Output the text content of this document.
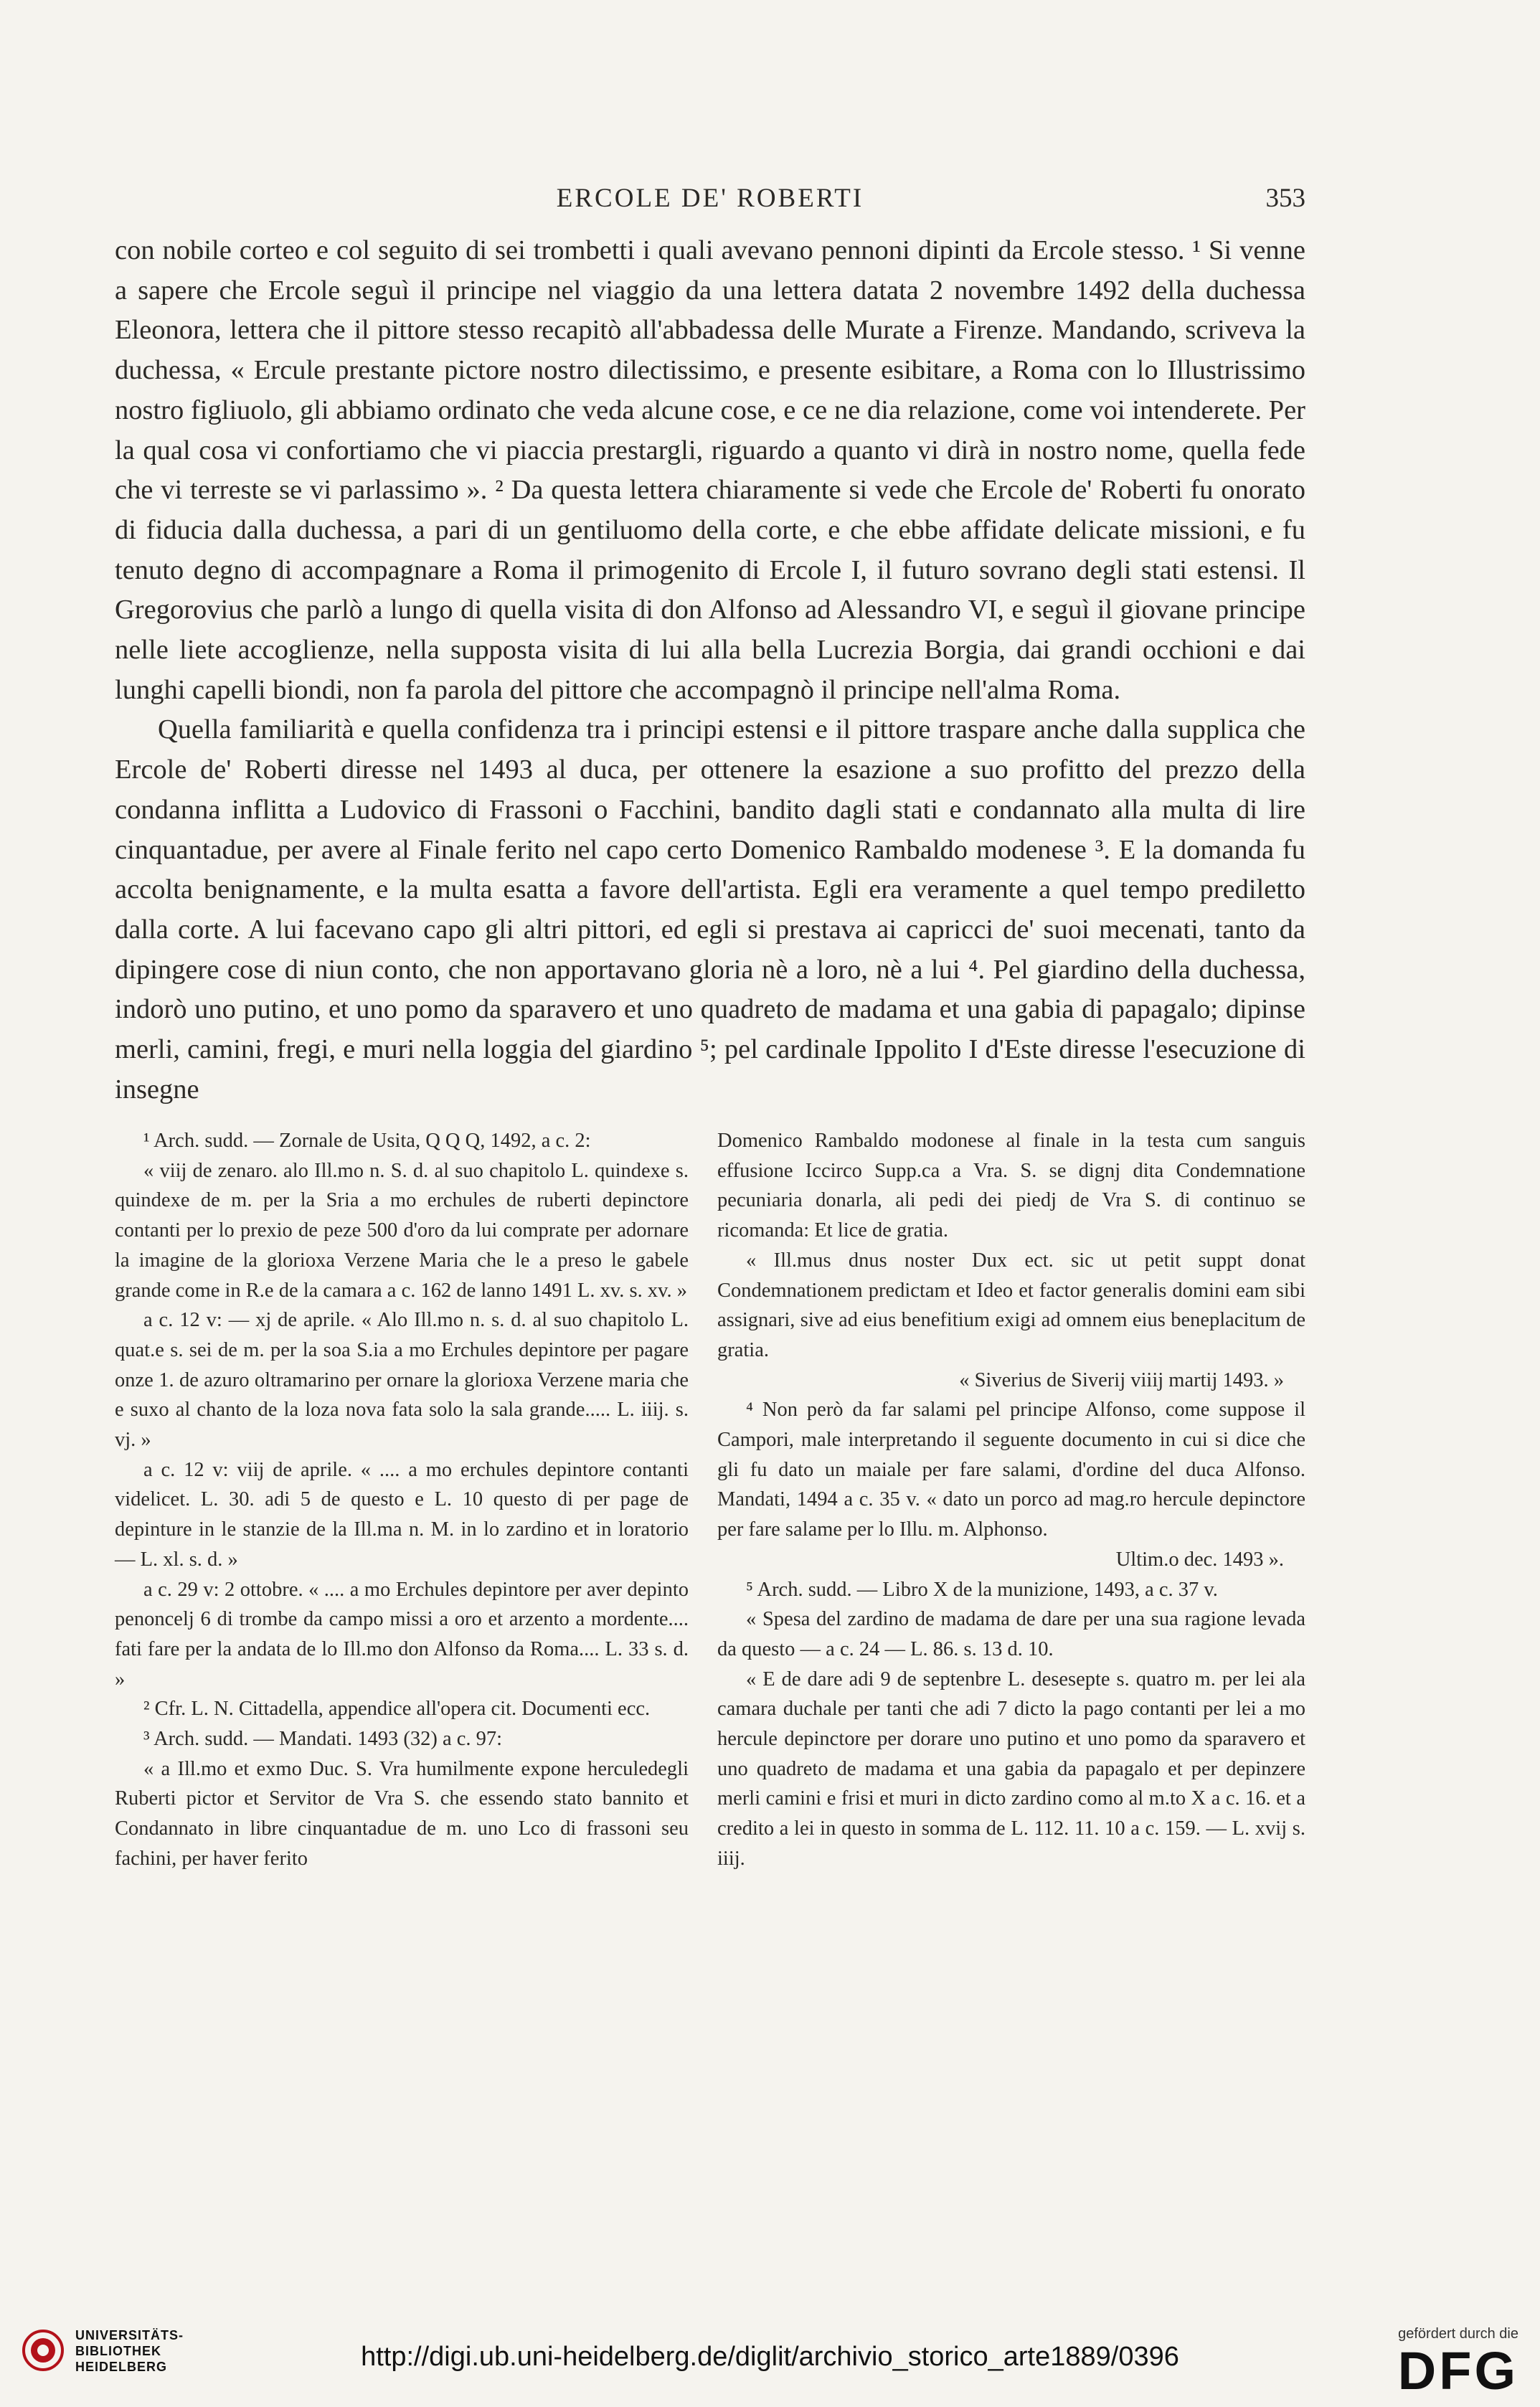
ERCOLE DE' ROBERTI	353

con nobile corteo e col seguito di sei trombetti i quali avevano pennoni dipinti da Ercole stesso. ¹ Si venne a sapere che Ercole seguì il principe nel viaggio da una lettera datata 2 novembre 1492 della duchessa Eleonora, lettera che il pittore stesso recapitò all'abbadessa delle Murate a Firenze. Mandando, scriveva la duchessa, « Ercule prestante pictore nostro dilectissimo, e presente esibitare, a Roma con lo Illustrissimo nostro figliuolo, gli abbiamo ordinato che veda alcune cose, e ce ne dia relazione, come voi intenderete. Per la qual cosa vi confortiamo che vi piaccia prestargli, riguardo a quanto vi dirà in nostro nome, quella fede che vi terreste se vi parlassimo ». ² Da questa lettera chiaramente si vede che Ercole de' Roberti fu onorato di fiducia dalla duchessa, a pari di un gentiluomo della corte, e che ebbe affidate delicate missioni, e fu tenuto degno di accompagnare a Roma il primogenito di Ercole I, il futuro sovrano degli stati estensi. Il Gregorovius che parlò a lungo di quella visita di don Alfonso ad Alessandro VI, e seguì il giovane principe nelle liete accoglienze, nella supposta visita di lui alla bella Lucrezia Borgia, dai grandi occhioni e dai lunghi capelli biondi, non fa parola del pittore che accompagnò il principe nell'alma Roma.

Quella familiarità e quella confidenza tra i principi estensi e il pittore traspare anche dalla supplica che Ercole de' Roberti diresse nel 1493 al duca, per ottenere la esazione a suo profitto del prezzo della condanna inflitta a Ludovico di Frassoni o Facchini, bandito dagli stati e condannato alla multa di lire cinquantadue, per avere al Finale ferito nel capo certo Domenico Rambaldo modenese ³. E la domanda fu accolta benignamente, e la multa esatta a favore dell'artista. Egli era veramente a quel tempo prediletto dalla corte. A lui facevano capo gli altri pittori, ed egli si prestava ai capricci de' suoi mecenati, tanto da dipingere cose di niun conto, che non apportavano gloria nè a loro, nè a lui ⁴. Pel giardino della duchessa, indorò uno putino, et uno pomo da sparavero et uno quadreto de madama et una gabia di papagalo; dipinse merli, camini, fregi, e muri nella loggia del giardino ⁵; pel cardinale Ippolito I d'Este diresse l'esecuzione di insegne

¹ Arch. sudd. — Zornale de Usita, Q Q Q, 1492, a c. 2:

« viij de zenaro. alo Ill.mo n. S. d. al suo chapitolo L. quindexe s. quindexe de m. per la Sria a mo erchules de ruberti depinctore contanti per lo prexio de peze 500 d'oro da lui comprate per adornare la imagine de la glorioxa Verzene Maria che le a preso le gabele grande come in R.e de la camara a c. 162 de lanno 1491 L. xv. s. xv. »

a c. 12 v: — xj de aprile. « Alo Ill.mo n. s. d. al suo chapitolo L. quat.e s. sei de m. per la soa S.ia a mo Erchules depintore per pagare onze 1. de azuro oltramarino per ornare la glorioxa Verzene maria che e suxo al chanto de la loza nova fata solo la sala grande..... L. iiij. s. vj. »

a c. 12 v: viij de aprile. « .... a mo erchules depintore contanti videlicet. L. 30. adi 5 de questo e L. 10 questo di per page de depinture in le stanzie de la Ill.ma n. M. in lo zardino et in loratorio — L. xl. s. d. »

a c. 29 v: 2 ottobre. « .... a mo Erchules depintore per aver depinto penoncelj 6 di trombe da campo missi a oro et arzento a mordente.... fati fare per la andata de lo Ill.mo don Alfonso da Roma.... L. 33 s. d. »

² Cfr. L. N. Cittadella, appendice all'opera cit. Documenti ecc.

³ Arch. sudd. — Mandati. 1493 (32) a c. 97:

« a Ill.mo et exmo Duc. S. Vra humilmente expone herculedegli Ruberti pictor et Servitor de Vra S. che essendo stato bannito et Condannato in libre cinquantadue de m. uno Lco di frassoni seu fachini, per haver ferito

Domenico Rambaldo modonese al finale in la testa cum sanguis effusione Iccirco Supp.ca a Vra. S. se dignj dita Condemnatione pecuniaria donarla, ali pedi dei piedj de Vra S. di continuo se ricomanda: Et lice de gratia.

« Ill.mus dnus noster Dux ect. sic ut petit suppt donat Condemnationem predictam et Ideo et factor generalis domini eam sibi assignari, sive ad eius benefitium exigi ad omnem eius beneplacitum de gratia.

« Siverius de Siverij viiij martij 1493. »

⁴ Non però da far salami pel principe Alfonso, come suppose il Campori, male interpretando il seguente documento in cui si dice che gli fu dato un maiale per fare salami, d'ordine del duca Alfonso. Mandati, 1494 a c. 35 v. « dato un porco ad mag.ro hercule depinctore per fare salame per lo Illu. m. Alphonso.

Ultim.o dec. 1493 ».

⁵ Arch. sudd. — Libro X de la munizione, 1493, a c. 37 v.

« Spesa del zardino de madama de dare per una sua ragione levada da questo — a c. 24 — L. 86. s. 13 d. 10.

« E de dare adi 9 de septenbre L. desesepte s. quatro m. per lei ala camara duchale per tanti che adi 7 dicto la pago contanti per lei a mo hercule depinctore per dorare uno putino et uno pomo da sparavero et uno quadreto de madama et una gabia da papagalo et per depinzere merli camini e frisi et muri in dicto zardino como al m.to X a c. 16. et a credito a lei in questo in somma de L. 112. 11. 10 a c. 159. — L. xvij s. iiij.

UNIVERSITÄTS-
BIBLIOTHEK
HEIDELBERG	http://digi.ub.uni-heidelberg.de/diglit/archivio_storico_arte1889/0396
gefördert durch die
DFG
